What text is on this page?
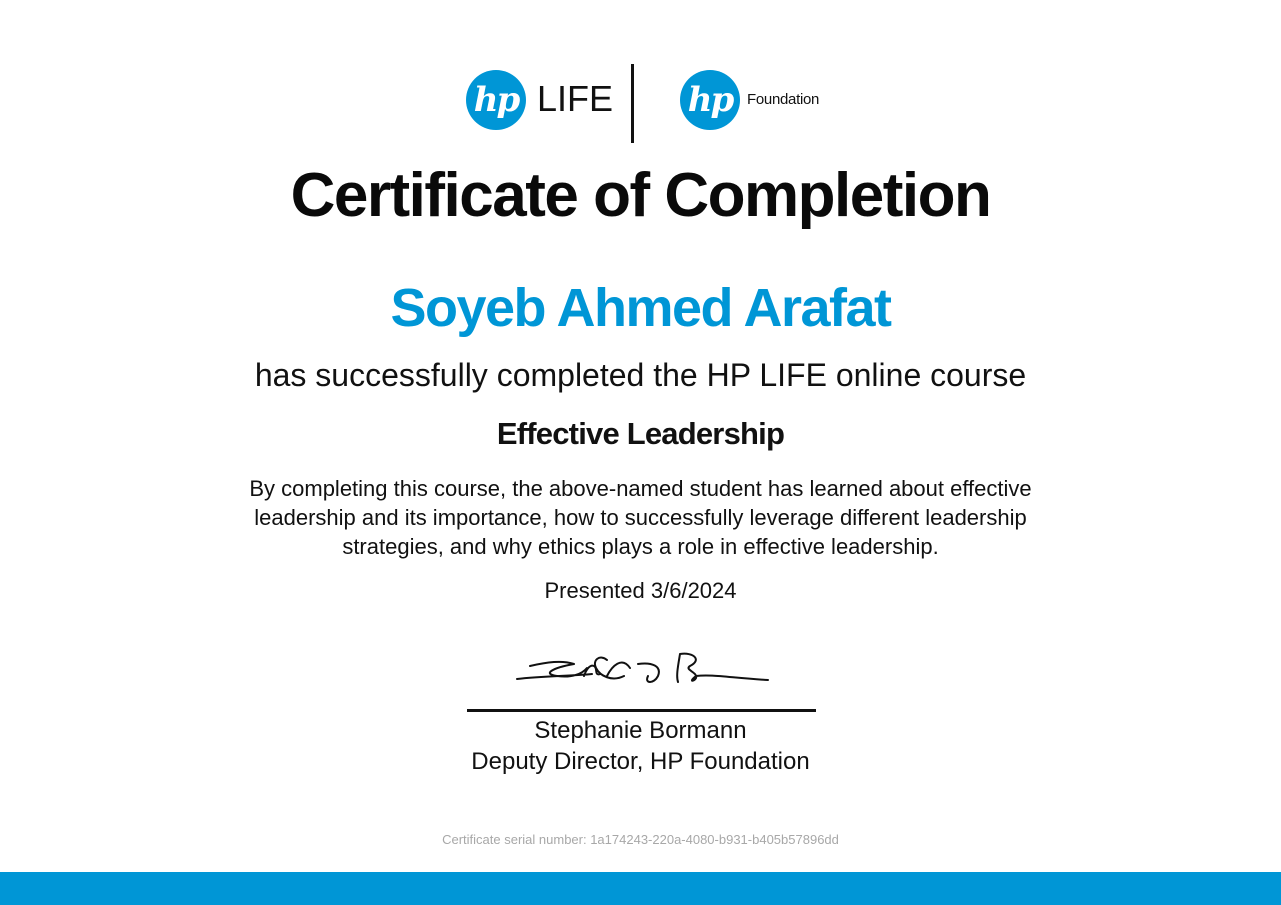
hp LIFE hp Foundation
Certificate of Completion
Soyeb Ahmed Arafat
has successfully completed the HP LIFE online course
Effective Leadership
By completing this course, the above-named student has learned about effective leadership and its importance, how to successfully leverage different leadership strategies, and why ethics plays a role in effective leadership.
Presented 3/6/2024
Stephanie Bormann
Deputy Director, HP Foundation
Certificate serial number: 1a174243-220a-4080-b931-b405b57896dd
